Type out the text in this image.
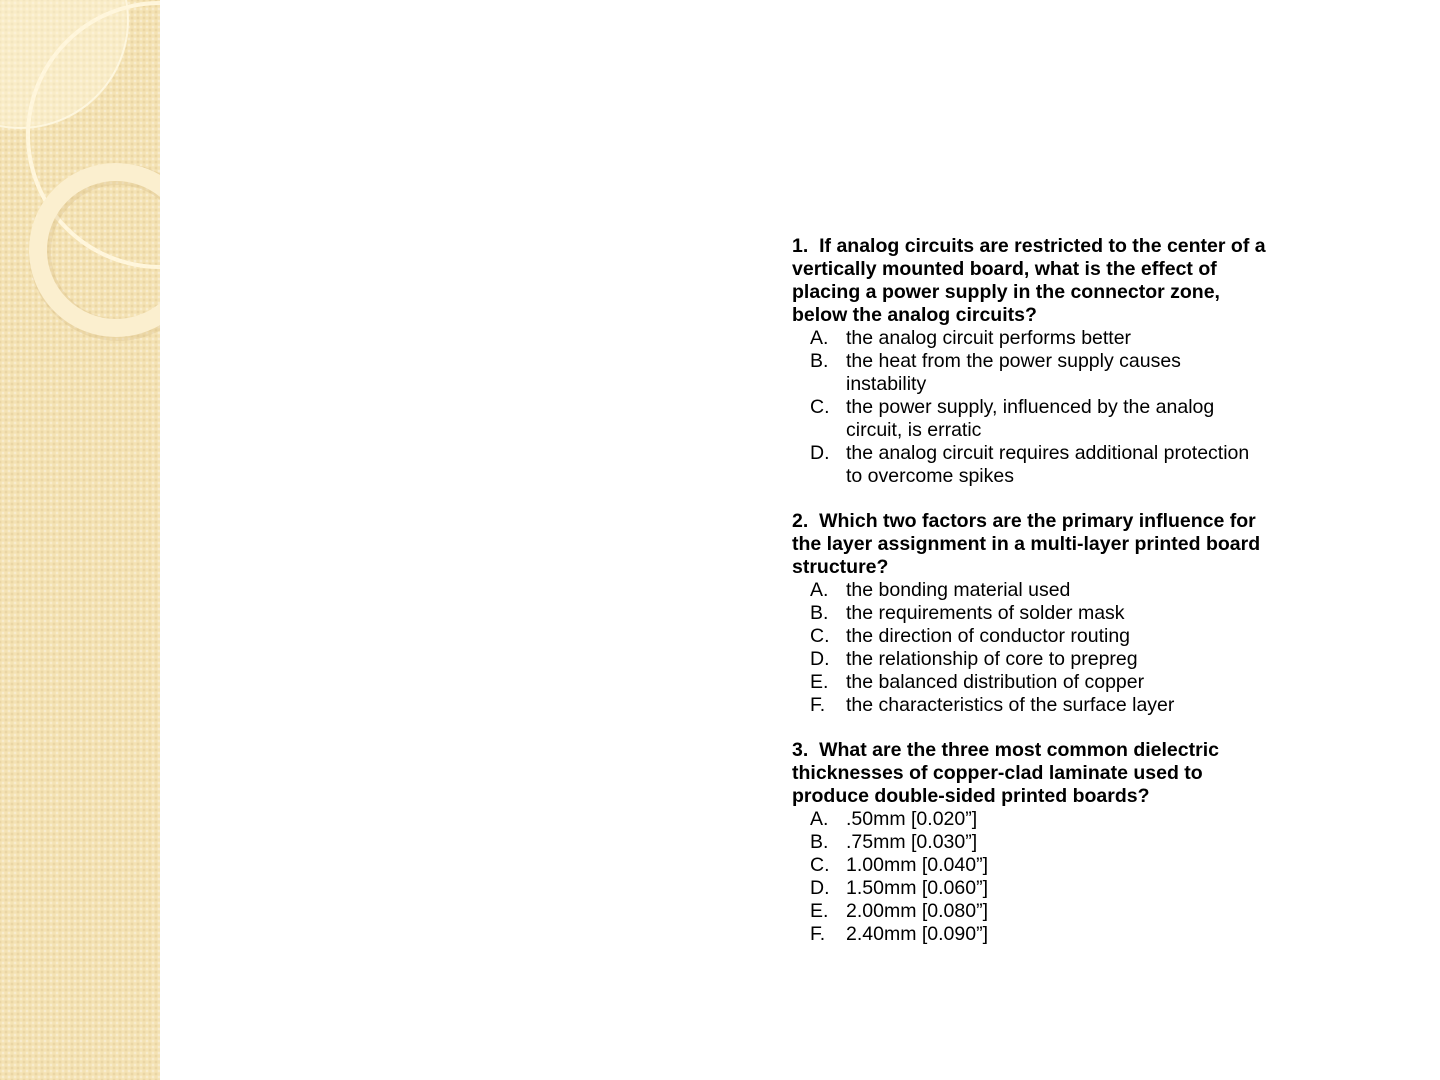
1. If analog circuits are restricted to the center of a vertically mounted board, what is the effect of placing a power supply in the connector zone, below the analog circuits?
A. the analog circuit performs better
B. the heat from the power supply causes instability
C. the power supply, influenced by the analog circuit, is erratic
D. the analog circuit requires additional protection to overcome spikes
2. Which two factors are the primary influence for the layer assignment in a multi-layer printed board structure?
A. the bonding material used
B. the requirements of solder mask
C. the direction of conductor routing
D. the relationship of core to prepreg
E. the balanced distribution of copper
F.	the characteristics of the surface layer
3. What are the three most common dielectric thicknesses of copper-clad laminate used to produce double-sided printed boards?
A. .50mm [0.020”]
B. .75mm [0.030”]
C. 1.00mm [0.040”]
D. 1.50mm [0.060”]
E. 2.00mm [0.080”]
F.	2.40mm [0.090”]
